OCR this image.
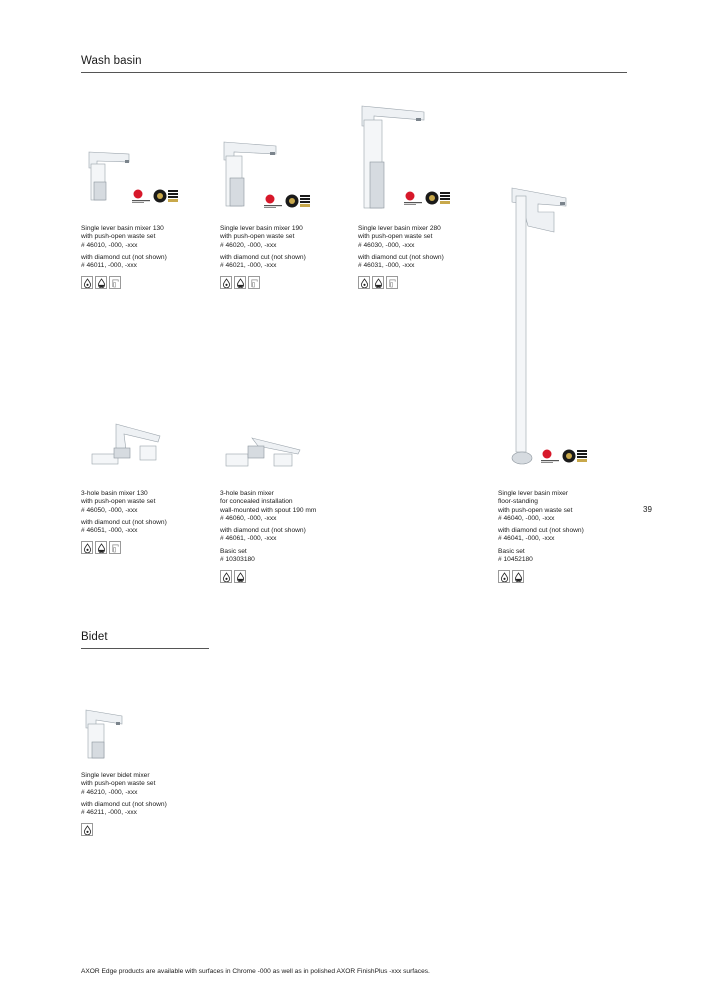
Wash basin
Single lever basin mixer 130
with push-open waste set
# 46010, -000, -xxx
with diamond cut (not shown)
# 46011, -000, -xxx
Single lever basin mixer 190
with push-open waste set
# 46020, -000, -xxx
with diamond cut (not shown)
# 46021, -000, -xxx
Single lever basin mixer 280
with push-open waste set
# 46030, -000, -xxx
with diamond cut (not shown)
# 46031, -000, -xxx
3-hole basin mixer 130
with push-open waste set
# 46050, -000, -xxx
with diamond cut (not shown)
# 46051, -000, -xxx
3-hole basin mixer
for concealed installation
wall-mounted with spout 190 mm
# 46060, -000, -xxx
with diamond cut (not shown)
# 46061, -000, -xxx
Basic set
# 10303180
Single lever basin mixer
floor-standing
with push-open waste set
# 46040, -000, -xxx
with diamond cut (not shown)
# 46041, -000, -xxx
Basic set
# 10452180
39
Bidet
Single lever bidet mixer
with push-open waste set
# 46210, -000, -xxx
with diamond cut (not shown)
# 46211, -000, -xxx
AXOR Edge products are available with surfaces in Chrome -000 as well as in polished AXOR FinishPlus -xxx surfaces.
